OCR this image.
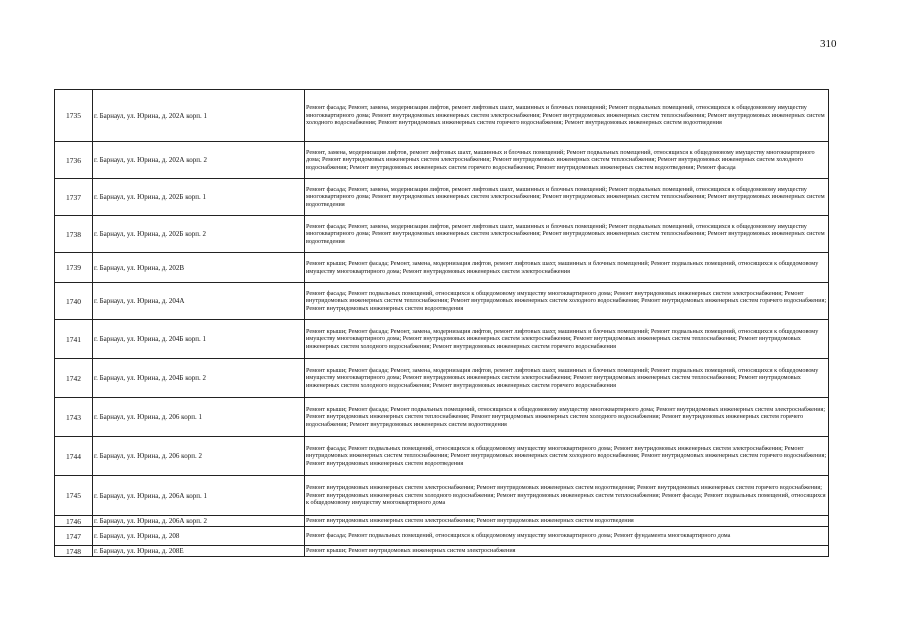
310
1735	г. Барнаул, ул. Юрина, д. 202А корп. 1	Ремонт фасада; Ремонт, замена, модернизация лифтов, ремонт лифтовых шахт, машинных и блочных помещений; Ремонт подвальных помещений, относящихся к общедомовому имуществу многоквартирного дома; Ремонт внутридомовых инженерных систем электроснабжения; Ремонт внутридомовых инженерных систем теплоснабжения; Ремонт внутридомовых инженерных систем холодного водоснабжения; Ремонт внутридомовых инженерных систем горячего водоснабжения; Ремонт внутридомовых инженерных систем водоотведения

1736	г. Барнаул, ул. Юрина, д. 202А корп. 2	Ремонт, замена, модернизация лифтов, ремонт лифтовых шахт, машинных и блочных помещений; Ремонт подвальных помещений, относящихся к общедомовому имуществу многоквартирного дома; Ремонт внутридомовых инженерных систем электроснабжения; Ремонт внутридомовых инженерных систем теплоснабжения; Ремонт внутридомовых инженерных систем холодного водоснабжения; Ремонт внутридомовых инженерных систем горячего водоснабжения; Ремонт внутридомовых инженерных систем водоотведения; Ремонт фасада

1737	г. Барнаул, ул. Юрина, д. 202Б корп. 1	Ремонт фасада; Ремонт, замена, модернизация лифтов, ремонт лифтовых шахт, машинных и блочных помещений; Ремонт подвальных помещений, относящихся к общедомовому имуществу многоквартирного дома; Ремонт внутридомовых инженерных систем электроснабжения; Ремонт внутридомовых инженерных систем теплоснабжения; Ремонт внутридомовых инженерных систем водоотведения

1738	г. Барнаул, ул. Юрина, д. 202Б корп. 2	Ремонт фасада; Ремонт, замена, модернизация лифтов, ремонт лифтовых шахт, машинных и блочных помещений; Ремонт подвальных помещений, относящихся к общедомовому имуществу многоквартирного дома; Ремонт внутридомовых инженерных систем электроснабжения; Ремонт внутридомовых инженерных систем теплоснабжения; Ремонт внутридомовых инженерных систем водоотведения

1739	г. Барнаул, ул. Юрина, д. 202В	Ремонт крыши; Ремонт фасада; Ремонт, замена, модернизация лифтов, ремонт лифтовых шахт, машинных и блочных помещений; Ремонт подвальных помещений, относящихся к общедомовому имуществу многоквартирного дома; Ремонт внутридомовых инженерных систем электроснабжения

1740	г. Барнаул, ул. Юрина, д. 204А	Ремонт фасада; Ремонт подвальных помещений, относящихся к общедомовому имуществу многоквартирного дома; Ремонт внутридомовых инженерных систем электроснабжения; Ремонт внутридомовых инженерных систем теплоснабжения; Ремонт внутридомовых инженерных систем холодного водоснабжения; Ремонт внутридомовых инженерных систем горячего водоснабжения; Ремонт внутридомовых инженерных систем водоотведения

1741	г. Барнаул, ул. Юрина, д. 204Б корп. 1	Ремонт крыши; Ремонт фасада; Ремонт, замена, модернизация лифтов, ремонт лифтовых шахт, машинных и блочных помещений; Ремонт подвальных помещений, относящихся к общедомовому имуществу многоквартирного дома; Ремонт внутридомовых инженерных систем электроснабжения; Ремонт внутридомовых инженерных систем теплоснабжения; Ремонт внутридомовых инженерных систем холодного водоснабжения; Ремонт внутридомовых инженерных систем горячего водоснабжения

1742	г. Барнаул, ул. Юрина, д. 204Б корп. 2	Ремонт крыши; Ремонт фасада; Ремонт, замена, модернизация лифтов, ремонт лифтовых шахт, машинных и блочных помещений; Ремонт подвальных помещений, относящихся к общедомовому имуществу многоквартирного дома; Ремонт внутридомовых инженерных систем электроснабжения; Ремонт внутридомовых инженерных систем теплоснабжения; Ремонт внутридомовых инженерных систем холодного водоснабжения; Ремонт внутридомовых инженерных систем горячего водоснабжения

1743	г. Барнаул, ул. Юрина, д. 206 корп. 1	Ремонт крыши; Ремонт фасада; Ремонт подвальных помещений, относящихся к общедомовому имуществу многоквартирного дома; Ремонт внутридомовых инженерных систем электроснабжения; Ремонт внутридомовых инженерных систем теплоснабжения; Ремонт внутридомовых инженерных систем холодного водоснабжения; Ремонт внутридомовых инженерных систем горячего водоснабжения; Ремонт внутридомовых инженерных систем водоотведения

1744	г. Барнаул, ул. Юрина, д. 206 корп. 2	Ремонт фасада; Ремонт подвальных помещений, относящихся к общедомовому имуществу многоквартирного дома; Ремонт внутридомовых инженерных систем электроснабжения; Ремонт внутридомовых инженерных систем теплоснабжения; Ремонт внутридомовых инженерных систем холодного водоснабжения; Ремонт внутридомовых инженерных систем горячего водоснабжения; Ремонт внутридомовых инженерных систем водоотведения

1745	г. Барнаул, ул. Юрина, д. 206А корп. 1	Ремонт внутридомовых инженерных систем электроснабжения; Ремонт внутридомовых инженерных систем водоотведения; Ремонт внутридомовых инженерных систем горячего водоснабжения; Ремонт внутридомовых инженерных систем холодного водоснабжения; Ремонт внутридомовых инженерных систем теплоснабжения; Ремонт фасада; Ремонт подвальных помещений, относящихся к общедомовому имуществу многоквартирного дома

1746	г. Барнаул, ул. Юрина, д. 206А корп. 2	Ремонт внутридомовых инженерных систем электроснабжения; Ремонт внутридомовых инженерных систем водоотведения

1747	г. Барнаул, ул. Юрина, д. 208	Ремонт фасада; Ремонт подвальных помещений, относящихся к общедомовому имуществу многоквартирного дома; Ремонт фундамента многоквартирного дома

1748	г. Барнаул, ул. Юрина, д. 208Е	Ремонт крыши; Ремонт внутридомовых инженерных систем электроснабжения
